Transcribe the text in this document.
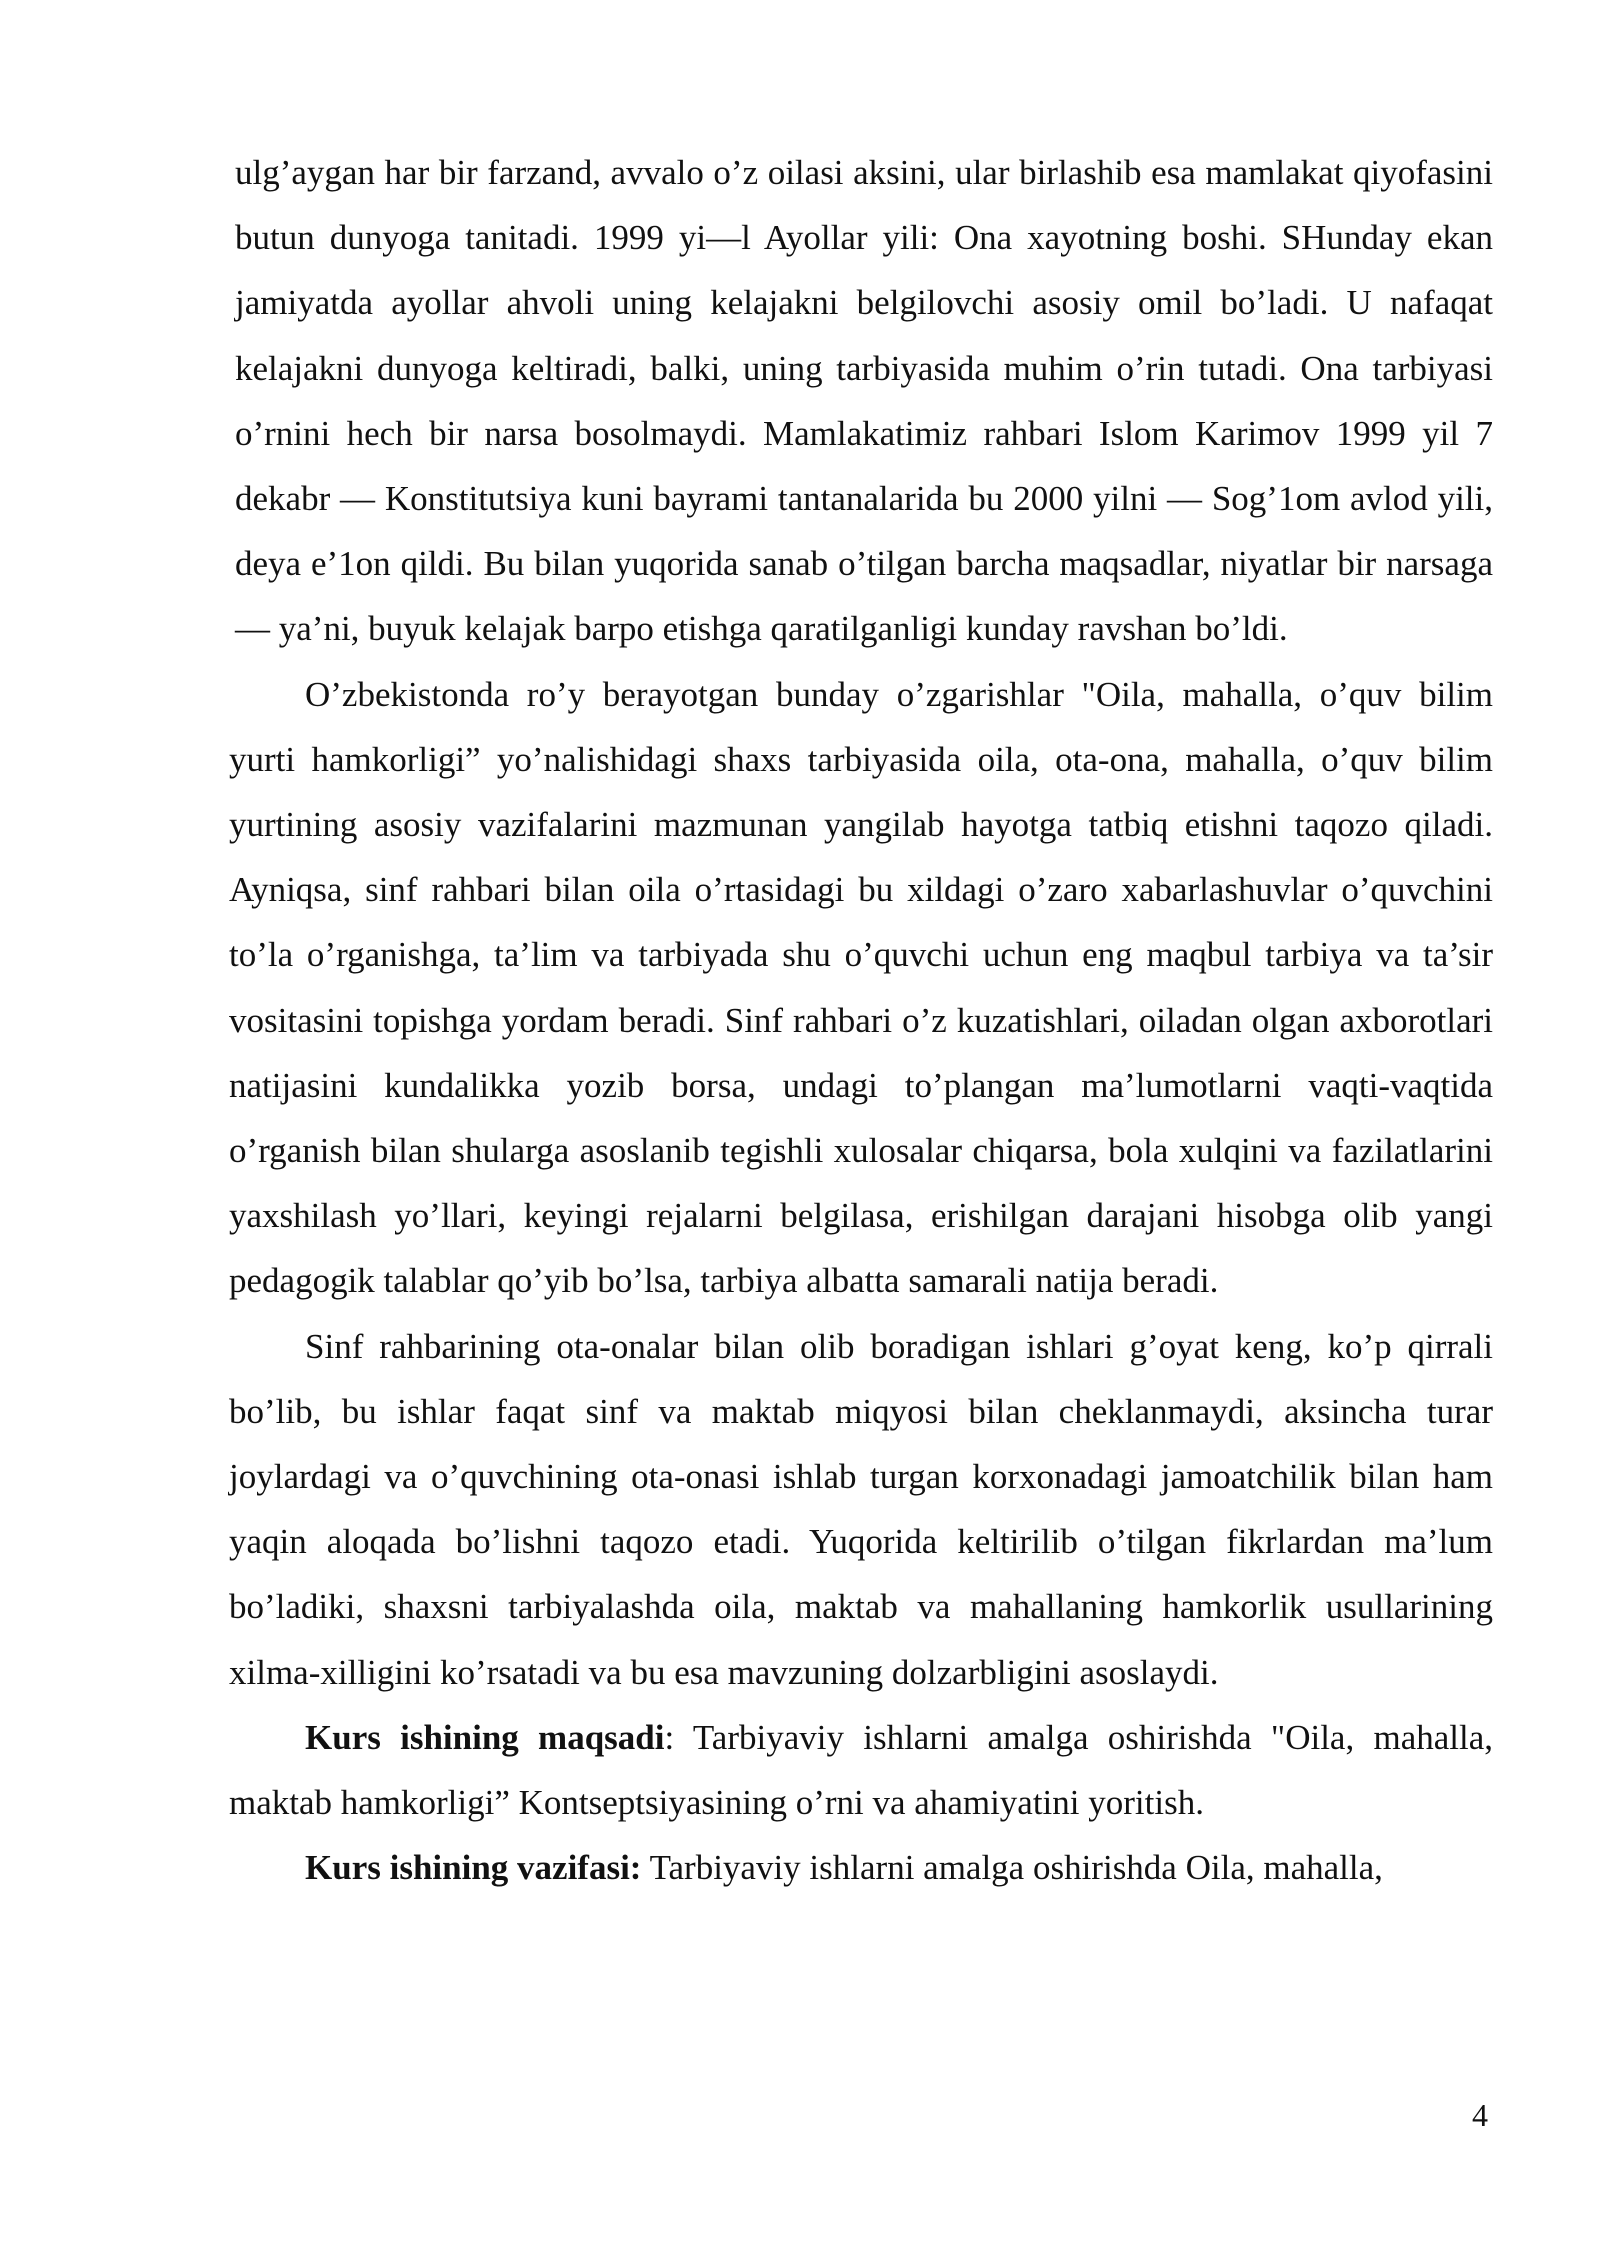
ulg’aygan har bir farzand, avvalo o’z oilasi aksini, ular birlashib esa mamlakat qiyofasini butun dunyoga tanitadi. 1999 yi—l Ayollar yili: Ona xayotning boshi. SHunday ekan jamiyatda ayollar ahvoli uning kelajakni belgilovchi asosiy omil bo’ladi. U nafaqat kelajakni dunyoga keltiradi, balki, uning tarbiyasida muhim o’rin tutadi. Ona tarbiyasi o’rnini hech bir narsa bosolmaydi. Mamlakatimiz rahbari Islom Karimov 1999 yil 7 dekabr — Konstitutsiya kuni bayrami tantanalarida bu 2000 yilni — Sog’1om avlod yili, deya e’1on qildi. Bu bilan yuqorida sanab o’tilgan barcha maqsadlar, niyatlar bir narsaga — ya’ni, buyuk kelajak barpo etishga qaratilganligi kunday ravshan bo’ldi.

O’zbekistonda ro’y berayotgan bunday o’zgarishlar "Oila, mahalla, o’quv bilim yurti hamkorligi” yo’nalishidagi shaxs tarbiyasida oila, ota-ona, mahalla, o’quv bilim yurtining asosiy vazifalarini mazmunan yangilab hayotga tatbiq etishni taqozo qiladi. Ayniqsa, sinf rahbari bilan oila o’rtasidagi bu xildagi o’zaro xabarlashuvlar o’quvchini to’la o’rganishga, ta’lim va tarbiyada shu o’quvchi uchun eng maqbul tarbiya va ta’sir vositasini topishga yordam beradi. Sinf rahbari o’z kuzatishlari, oiladan olgan axborotlari natijasini kundalikka yozib borsa, undagi to’plangan ma’lumotlarni vaqti-vaqtida o’rganish bilan shularga asoslanib tegishli xulosalar chiqarsa, bola xulqini va fazilatlarini yaxshilash yo’llari, keyingi rejalarni belgilasa, erishilgan darajani hisobga olib yangi pedagogik talablar qo’yib bo’lsa, tarbiya albatta samarali natija beradi.

Sinf rahbarining ota-onalar bilan olib boradigan ishlari g’oyat keng, ko’p qirrali bo’lib, bu ishlar faqat sinf va maktab miqyosi bilan cheklanmaydi, aksincha turar joylardagi va o’quvchining ota-onasi ishlab turgan korxonadagi jamoatchilik bilan ham yaqin aloqada bo’lishni taqozo etadi. Yuqorida keltirilib o’tilgan fikrlardan ma’lum bo’ladiki, shaxsni tarbiyalashda oila, maktab va mahallaning hamkorlik usullarining xilma-xilligini ko’rsatadi va bu esa mavzuning dolzarbligini asoslaydi.

Kurs ishining maqsadi: Tarbiyaviy ishlarni amalga oshirishda "Oila, mahalla, maktab hamkorligi” Kontseptsiyasining o’rni va ahamiyatini yoritish.

Kurs ishining vazifasi: Tarbiyaviy ishlarni amalga oshirishda Oila, mahalla,

4
